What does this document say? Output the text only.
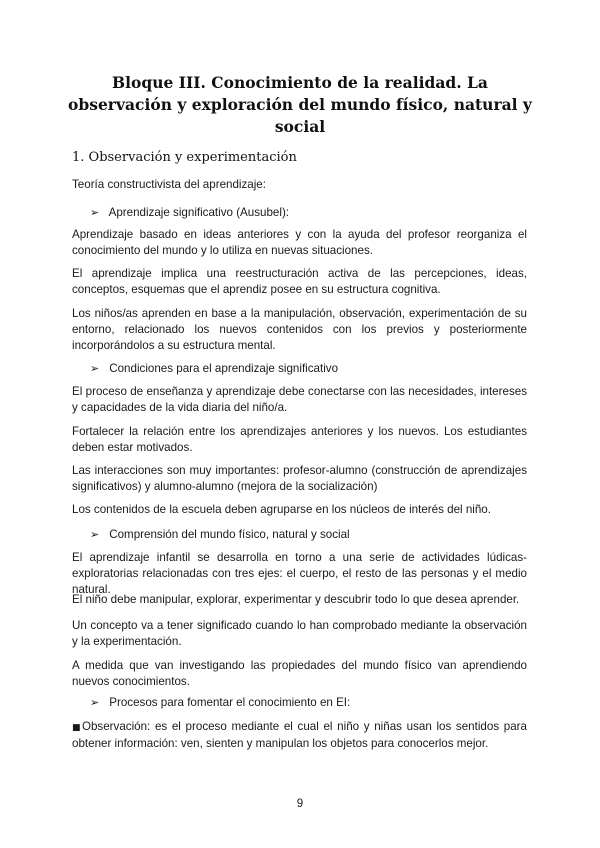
Bloque III. Conocimiento de la realidad. La observación y exploración del mundo físico, natural y social
1. Observación y experimentación
Teoría constructivista del aprendizaje:
➢ Aprendizaje significativo (Ausubel):
Aprendizaje basado en ideas anteriores y con la ayuda del profesor reorganiza el conocimiento del mundo y lo utiliza en nuevas situaciones.
El aprendizaje implica una reestructuración activa de las percepciones, ideas, conceptos, esquemas que el aprendiz posee en su estructura cognitiva.
Los niños/as aprenden en base a la manipulación, observación, experimentación de su entorno, relacionado los nuevos contenidos con los previos y posteriormente incorporándolos a su estructura mental.
➢ Condiciones para el aprendizaje significativo
El proceso de enseñanza y aprendizaje debe conectarse con las necesidades, intereses y capacidades de la vida diaria del niño/a.
Fortalecer la relación entre los aprendizajes anteriores y los nuevos. Los estudiantes deben estar motivados.
Las interacciones son muy importantes: profesor-alumno (construcción de aprendizajes significativos) y alumno-alumno (mejora de la socialización)
Los contenidos de la escuela deben agruparse en los núcleos de interés del niño.
➢ Comprensión del mundo físico, natural y social
El aprendizaje infantil se desarrolla en torno a una serie de actividades lúdicas-exploratorias relacionadas con tres ejes: el cuerpo, el resto de las personas y el medio natural.
El niño debe manipular, explorar, experimentar y descubrir todo lo que desea aprender.
Un concepto va a tener significado cuando lo han comprobado mediante la observación y la experimentación.
A medida que van investigando las propiedades del mundo físico van aprendiendo nuevos conocimientos.
➢ Procesos para fomentar el conocimiento en EI:
■Observación: es el proceso mediante el cual el niño y niñas usan los sentidos para obtener información: ven, sienten y manipulan los objetos para conocerlos mejor.
9
